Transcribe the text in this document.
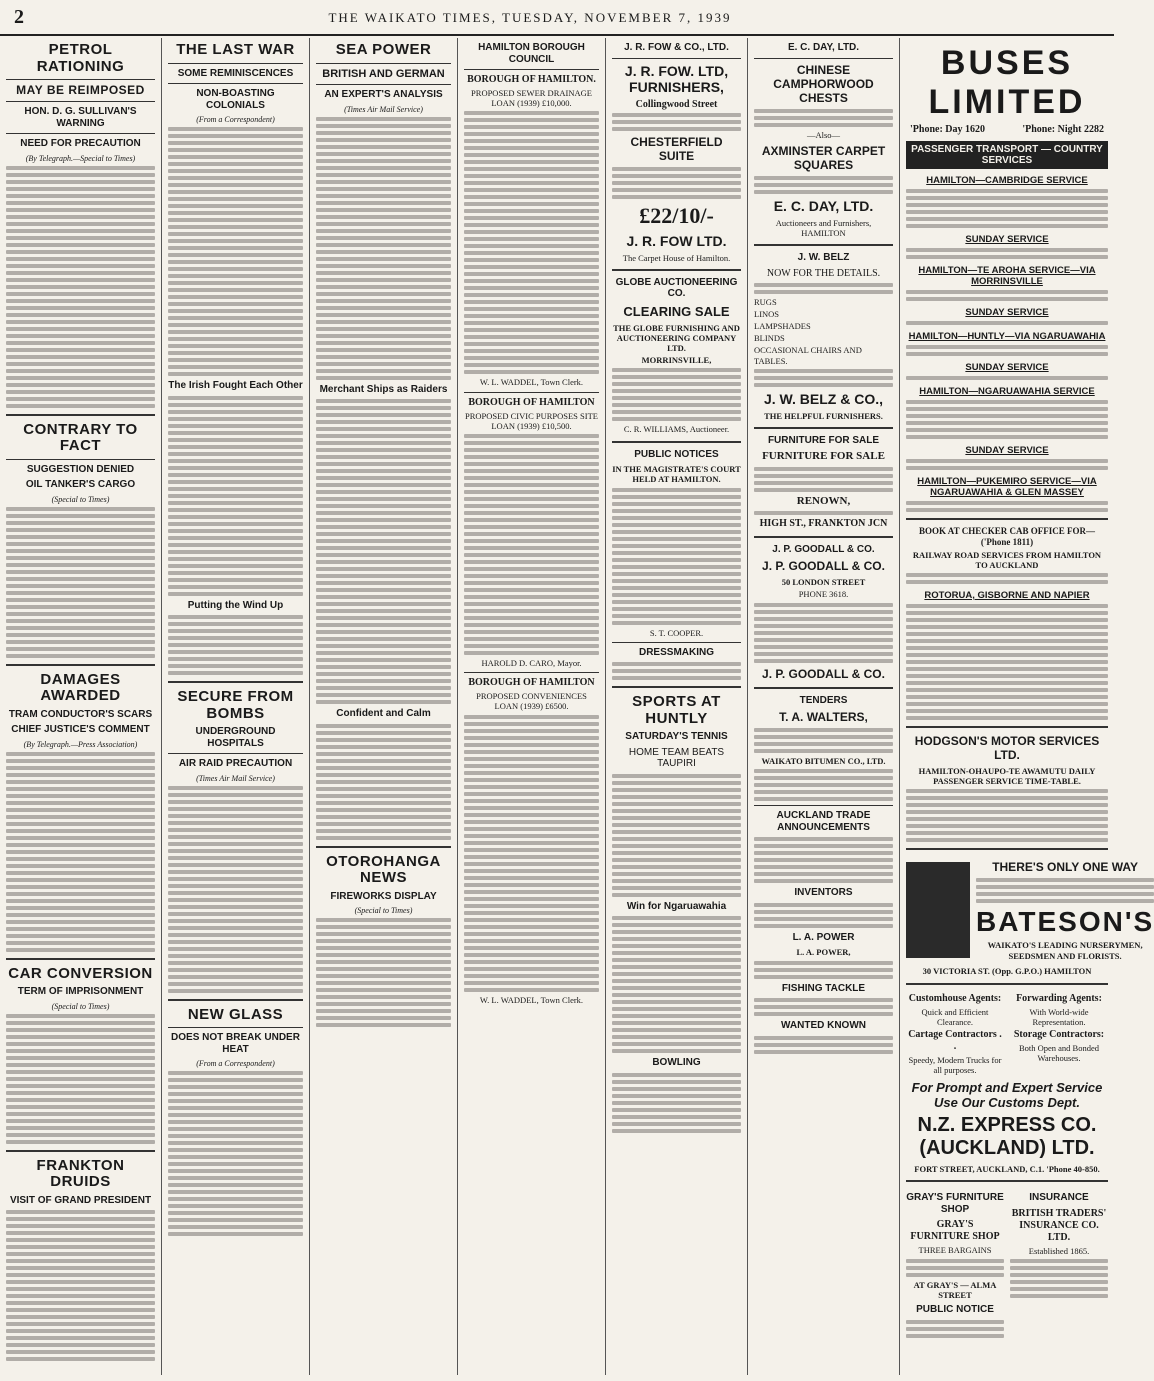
2	THE WAIKATO TIMES, TUESDAY, NOVEMBER 7, 1939
PETROL RATIONING
MAY BE REIMPOSED
HON. D. G. SULLIVAN'S WARNING
NEED FOR PRECAUTION
(By Telegraph.—Special to Times)
CONTRARY TO FACT
SUGGESTION DENIED
OIL TANKER'S CARGO
(Special to Times)
DAMAGES AWARDED
TRAM CONDUCTOR'S SCARS
CHIEF JUSTICE'S COMMENT
(By Telegraph.—Press Association)
CAR CONVERSION
TERM OF IMPRISONMENT
(Special to Times)
FRANKTON DRUIDS
VISIT OF GRAND PRESIDENT
THE LAST WAR
SOME REMINISCENCES
NON-BOASTING COLONIALS
(From a Correspondent)
The Irish Fought Each Other
Putting the Wind Up
SECURE FROM BOMBS
UNDERGROUND HOSPITALS
AIR RAID PRECAUTION
(Times Air Mail Service)
NEW GLASS
DOES NOT BREAK UNDER HEAT
(From a Correspondent)
SEA POWER
BRITISH AND GERMAN
AN EXPERT'S ANALYSIS
(Times Air Mail Service)
Merchant Ships as Raiders
Confident and Calm
OTOROHANGA NEWS
FIREWORKS DISPLAY
(Special to Times)
HAMILTON BOROUGH COUNCIL
BOROUGH OF HAMILTON.
PROPOSED SEWER DRAINAGE LOAN (1939) £10,000.
W. L. WADDEL, Town Clerk.
BOROUGH OF HAMILTON
PROPOSED CIVIC PURPOSES SITE LOAN (1939) £10,500.
HAROLD D. CARO, Mayor.
BOROUGH OF HAMILTON
PROPOSED CONVENIENCES LOAN (1939) £6500.
W. L. WADDEL, Town Clerk.
J. R. FOW & CO., LTD.
J. R. FOW. LTD, FURNISHERS,
Collingwood Street
CHESTERFIELD SUITE
£22/10/-
J. R. FOW LTD.
The Carpet House of Hamilton.
GLOBE AUCTIONEERING CO.
CLEARING SALE
THE GLOBE FURNISHING AND AUCTIONEERING COMPANY LTD.
MORRINSVILLE,
C. R. WILLIAMS, Auctioneer.
PUBLIC NOTICES
IN THE MAGISTRATE'S COURT HELD AT HAMILTON.
S. T. COOPER.
DRESSMAKING
SPORTS AT HUNTLY
SATURDAY'S TENNIS
HOME TEAM BEATS TAUPIRI
Win for Ngaruawahia
BOWLING
E. C. DAY, LTD.
CHINESE CAMPHORWOOD CHESTS
—Also—
AXMINSTER CARPET SQUARES
E. C. DAY, LTD.
Auctioneers and Furnishers, HAMILTON
J. W. BELZ
NOW FOR THE DETAILS.
RUGS
LINOS
LAMPSHADES
BLINDS
OCCASIONAL CHAIRS AND TABLES.
J. W. BELZ & CO.,
THE HELPFUL FURNISHERS.
FURNITURE FOR SALE
FURNITURE FOR SALE
RENOWN,
HIGH ST., FRANKTON JCN
J. P. GOODALL & CO.
J. P. GOODALL & CO.
50 LONDON STREET
PHONE 3618.
J. P. GOODALL & CO.
TENDERS
T. A. WALTERS,
WAIKATO BITUMEN CO., LTD.
AUCKLAND TRADE ANNOUNCEMENTS
INVENTORS
L. A. POWER
L. A. POWER,
FISHING TACKLE
WANTED KNOWN
BUSES LIMITED
'Phone: Day 1620	'Phone: Night 2282
PASSENGER TRANSPORT — COUNTRY SERVICES
HAMILTON—CAMBRIDGE SERVICE
SUNDAY SERVICE
HAMILTON—TE AROHA SERVICE—VIA MORRINSVILLE
SUNDAY SERVICE
HAMILTON—HUNTLY—VIA NGARUAWAHIA
SUNDAY SERVICE
HAMILTON—NGARUAWAHIA SERVICE
SUNDAY SERVICE
HAMILTON—PUKEMIRO SERVICE—VIA NGARUAWAHIA & GLEN MASSEY
BOOK AT CHECKER CAB OFFICE FOR— ('Phone 1811)
RAILWAY ROAD SERVICES FROM HAMILTON TO AUCKLAND
ROTORUA, GISBORNE AND NAPIER
HODGSON'S MOTOR SERVICES LTD.
HAMILTON-OHAUPO-TE AWAMUTU DAILY PASSENGER SERVICE TIME-TABLE.
THERE'S ONLY ONE WAY
BATESON'S
WAIKATO'S LEADING NURSERYMEN, SEEDSMEN AND FLORISTS.
30 VICTORIA ST. (Opp. G.P.O.) HAMILTON
Customhouse Agents:
Quick and Efficient Clearance.
Cartage Contractors . .
Speedy, Modern Trucks for all purposes.
Forwarding Agents:
With World-wide Representation.
Storage Contractors:
Both Open and Bonded Warehouses.
For Prompt and Expert Service Use Our Customs Dept.
N.Z. EXPRESS CO. (AUCKLAND) LTD.
FORT STREET, AUCKLAND, C.1. 'Phone 40-850.
GRAY'S FURNITURE SHOP
GRAY'S FURNITURE SHOP
THREE BARGAINS
AT GRAY'S — ALMA STREET
PUBLIC NOTICE
INSURANCE
BRITISH TRADERS' INSURANCE CO. LTD.
Established 1865.
